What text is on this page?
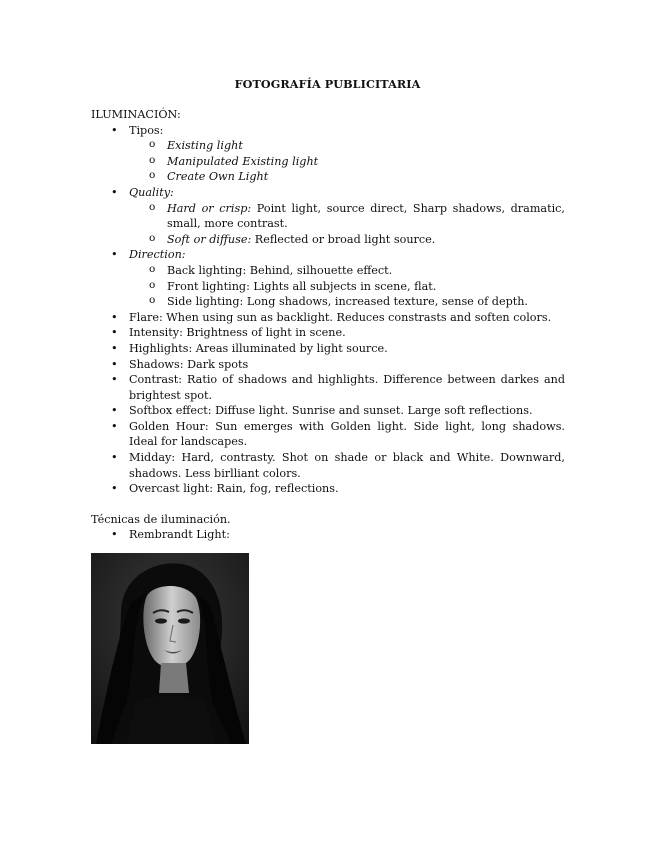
FOTOGRAFÍA PUBLICITARIA

ILUMINACIÓN:

• Tipos:
o Existing light
o Manipulated Existing light
o Create Own Light
• Quality:
o Hard or crisp: Point light, source direct, Sharp shadows, dramatic, small, more contrast.
o Soft or diffuse: Reflected or broad light source.
• Direction:
o Back lighting: Behind, silhouette effect.
o Front lighting: Lights all subjects in scene, flat.
o Side lighting: Long shadows, increased texture, sense of depth.
• Flare: When using sun as backlight. Reduces constrasts and soften colors.
• Intensity: Brightness of light in scene.
• Highlights: Areas illuminated by light source.
• Shadows: Dark spots
• Contrast: Ratio of shadows and highlights. Difference between darkes and brightest spot.
• Softbox effect: Diffuse light. Sunrise and sunset. Large soft reflections.
• Golden Hour: Sun emerges with Golden light. Side light, long shadows. Ideal for landscapes.
• Midday: Hard, contrasty. Shot on shade or black and White. Downward, shadows. Less birlliant colors.
• Overcast light: Rain, fog, reflections.

Técnicas de iluminación.

• Rembrandt Light:
